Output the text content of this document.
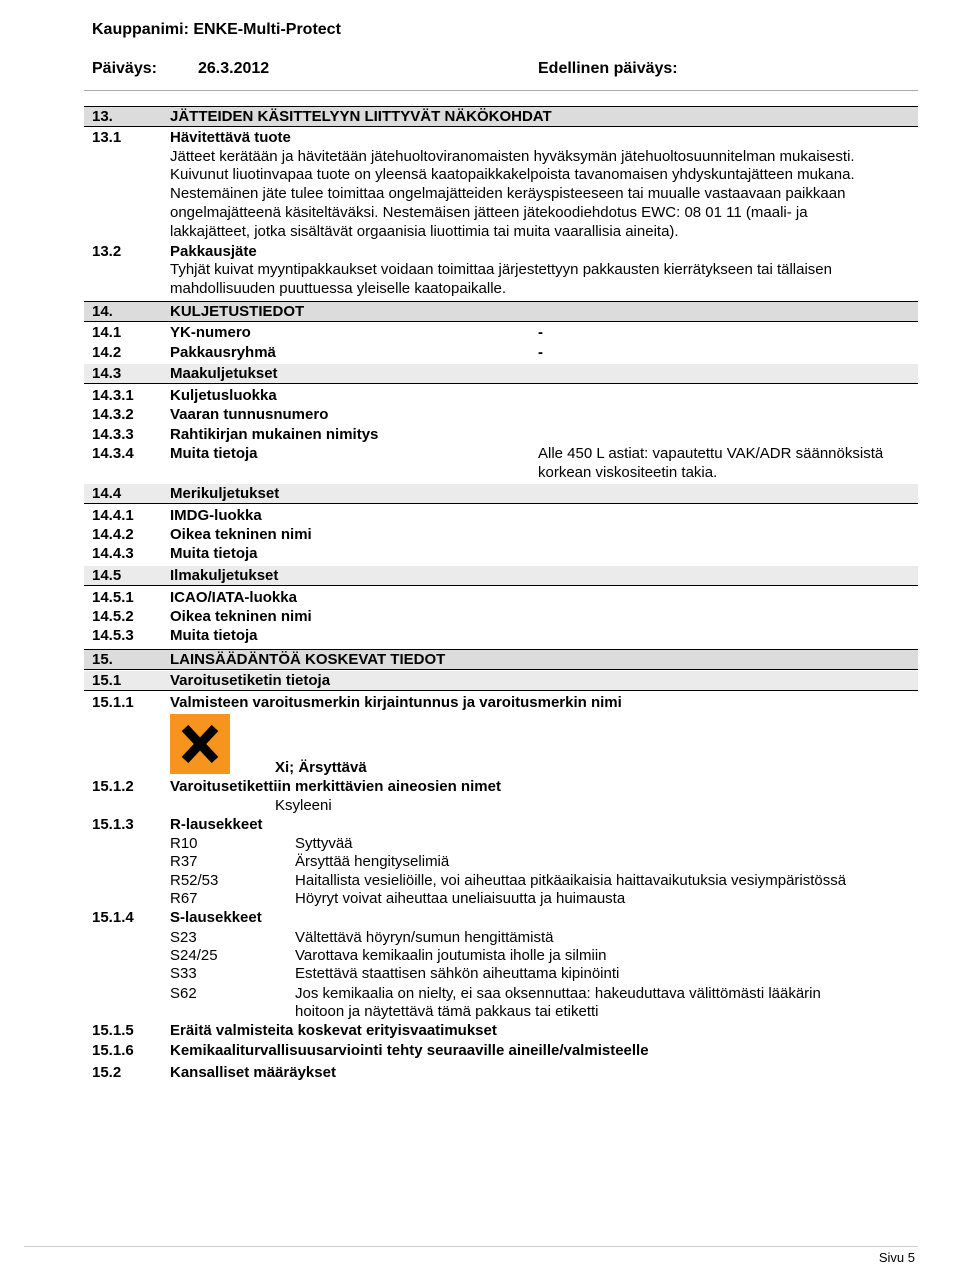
Kauppanimi: ENKE-Multi-Protect
Päiväys:	26.3.2012	Edellinen päiväys:
13.	JÄTTEIDEN KÄSITTELYYN LIITTYVÄT NÄKÖKOHDAT
13.1	Hävitettävä tuote
Jätteet kerätään ja hävitetään jätehuoltoviranomaisten hyväksymän jätehuoltosuunnitelman mukaisesti.
Kuivunut liuotinvapaa tuote on yleensä kaatopaikkakelpoista tavanomaisen yhdyskuntajätteen mukana.
Nestemäinen jäte tulee toimittaa ongelmajätteiden keräyspisteeseen tai muualle vastaavaan paikkaan
ongelmajätteenä käsiteltäväksi. Nestemäisen jätteen jätekoodiehdotus EWC: 08 01 11 (maali- ja
lakkajätteet, jotka sisältävät orgaanisia liuottimia tai muita vaarallisia aineita).
13.2	Pakkausjäte
Tyhjät kuivat myyntipakkaukset voidaan toimittaa järjestettyyn pakkausten kierrätykseen tai tällaisen
mahdollisuuden puuttuessa yleiselle kaatopaikalle.
14.	KULJETUSTIEDOT
14.1	YK-numero	-
14.2	Pakkausryhmä	-
14.3	Maakuljetukset
14.3.1 Kuljetusluokka
14.3.2 Vaaran tunnusnumero
14.3.3 Rahtikirjan mukainen nimitys
14.3.4 Muita tietoja	Alle 450 L astiat: vapautettu VAK/ADR säännöksistä
korkean viskositeetin takia.
14.4	Merikuljetukset
14.4.1 IMDG-luokka
14.4.2 Oikea tekninen nimi
14.4.3 Muita tietoja
14.5	Ilmakuljetukset
14.5.1 ICAO/IATA-luokka
14.5.2 Oikea tekninen nimi
14.5.3 Muita tietoja
15.	LAINSÄÄDÄNTÖÄ KOSKEVAT TIEDOT
15.1	Varoitusetiketin tietoja
15.1.1 Valmisteen varoitusmerkin kirjaintunnus ja varoitusmerkin nimi
Xi; Ärsyttävä
15.1.2 Varoitusetikettiin merkittävien aineosien nimet
Ksyleeni
15.1.3 R-lausekkeet
R10	Syttyvää
R37	Ärsyttää hengityselimiä
R52/53	Haitallista vesieliöille, voi aiheuttaa pitkäaikaisia haittavaikutuksia vesiympäristössä
R67	Höyryt voivat aiheuttaa uneliaisuutta ja huimausta
15.1.4 S-lausekkeet
S23	Vältettävä höyryn/sumun hengittämistä
S24/25	Varottava kemikaalin joutumista iholle ja silmiin
S33	Estettävä staattisen sähkön aiheuttama kipinöinti
S62	Jos kemikaalia on nielty, ei saa oksennuttaa: hakeuduttava välittömästi lääkärin
hoitoon ja näytettävä tämä pakkaus tai etiketti
15.1.5 Eräitä valmisteita koskevat erityisvaatimukset
15.1.6 Kemikaaliturvallisuusarviointi tehty seuraaville aineille/valmisteelle
15.2	Kansalliset määräykset
Sivu 5
